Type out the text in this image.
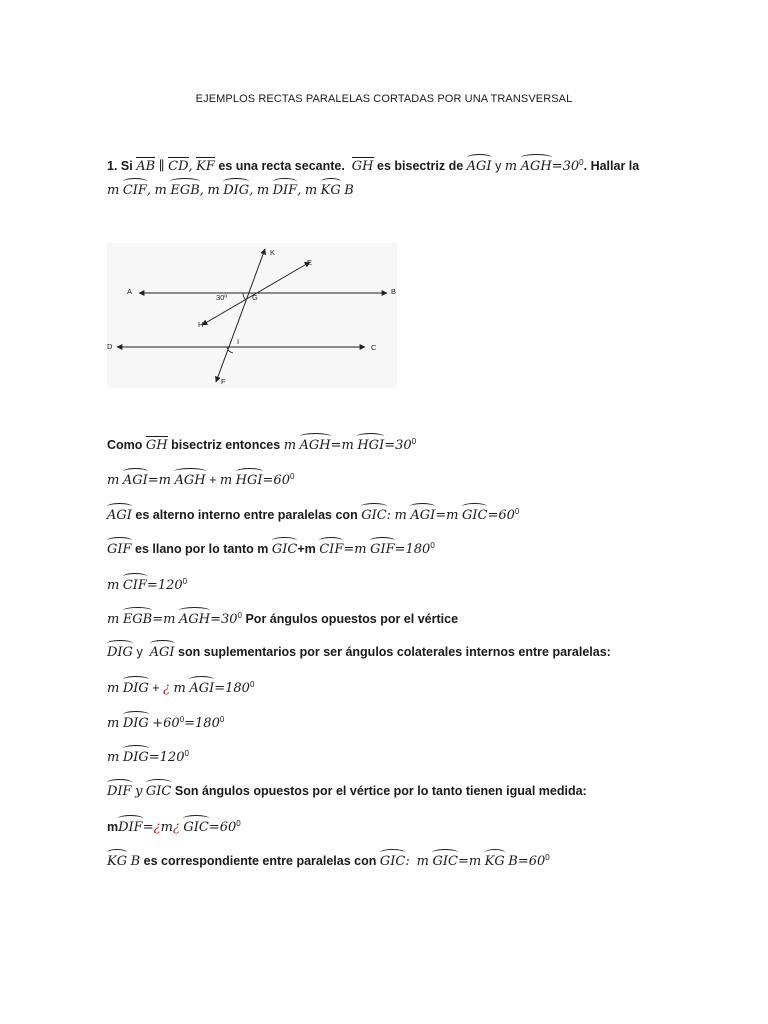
EJEMPLOS RECTAS PARALELAS CORTADAS POR UNA TRANSVERSAL
1. Si AB ∥ CD, KF es una recta secante. GH es bisectriz de AGI y m $AGH=30^0$. Hallar la
m CIF, m EGB, m DIG, m DIF, m KG B
A	B
D	C
K
E
F
G
H
I
30º
Como GH bisectriz entonces m AGH=m $HGI=30^0$
m AGI=m AGH + m $HGI=60^0$
AGI es alterno interno entre paralelas con GIC: m AGI=m $GIC=60^0$
GIF es llano por lo tanto m GIC+m CIF=m $GIF=180^0$
m $CIF=120^0$
m EGB=m $AGH=30^0$ Por ángulos opuestos por el vértice
DIG y AGI son suplementarios por ser ángulos colaterales internos entre paralelas:
m DIG + ¿ m $AGI=180^0$
m DIG $+60^0=180^0$
m $DIG=120^0$
DIF y GIC Son ángulos opuestos por el vértice por lo tanto tienen igual medida:
mDIF=¿m¿ $GIC=60^0$
KG B es correspondiente entre paralelas con GIC: m GIC=m KG $B=60^0$
